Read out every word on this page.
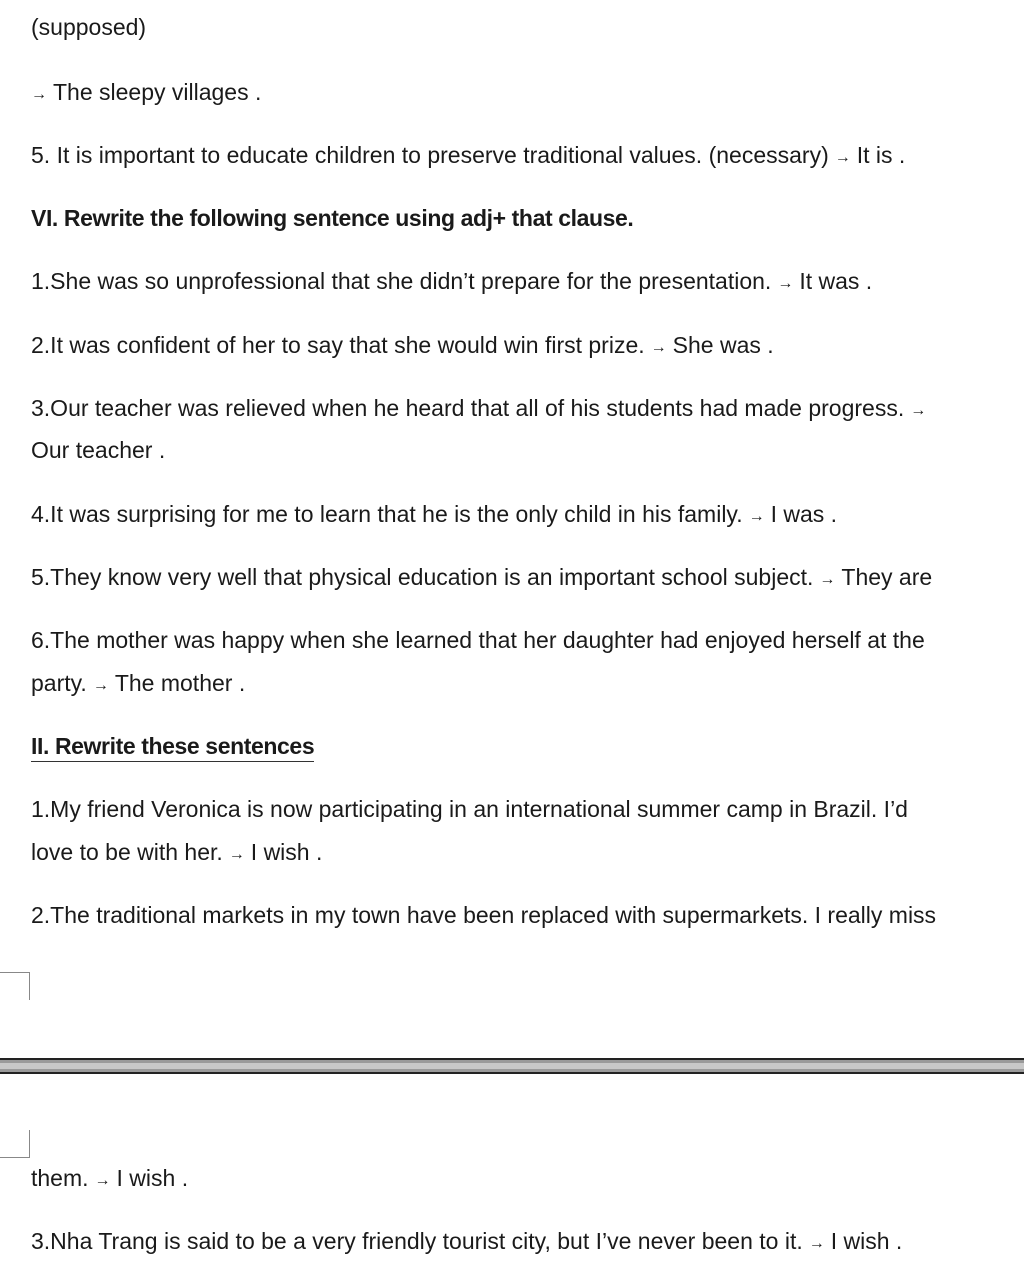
(supposed)

→ The sleepy villages .

5. It is important to educate children to preserve traditional values. (necessary) → It is .

VI. Rewrite the following sentence using adj+ that clause.

1.She was so unprofessional that she didn’t prepare for the presentation. → It was .

2.It was confident of her to say that she would win first prize. → She was .

3.Our teacher was relieved when he heard that all of his students had made progress. →

Our teacher .

4.It was surprising for me to learn that he is the only child in his family. → I was .

5.They know very well that physical education is an important school subject. → They are

6.The mother was happy when she learned that her daughter had enjoyed herself at the

party. → The mother .

II. Rewrite these sentences

1.My friend Veronica is now participating in an international summer camp in Brazil. I’d

love to be with her. → I wish .

2.The traditional markets in my town have been replaced with supermarkets. I really miss

them. → I wish .

3.Nha Trang is said to be a very friendly tourist city, but I’ve never been to it. → I wish .
